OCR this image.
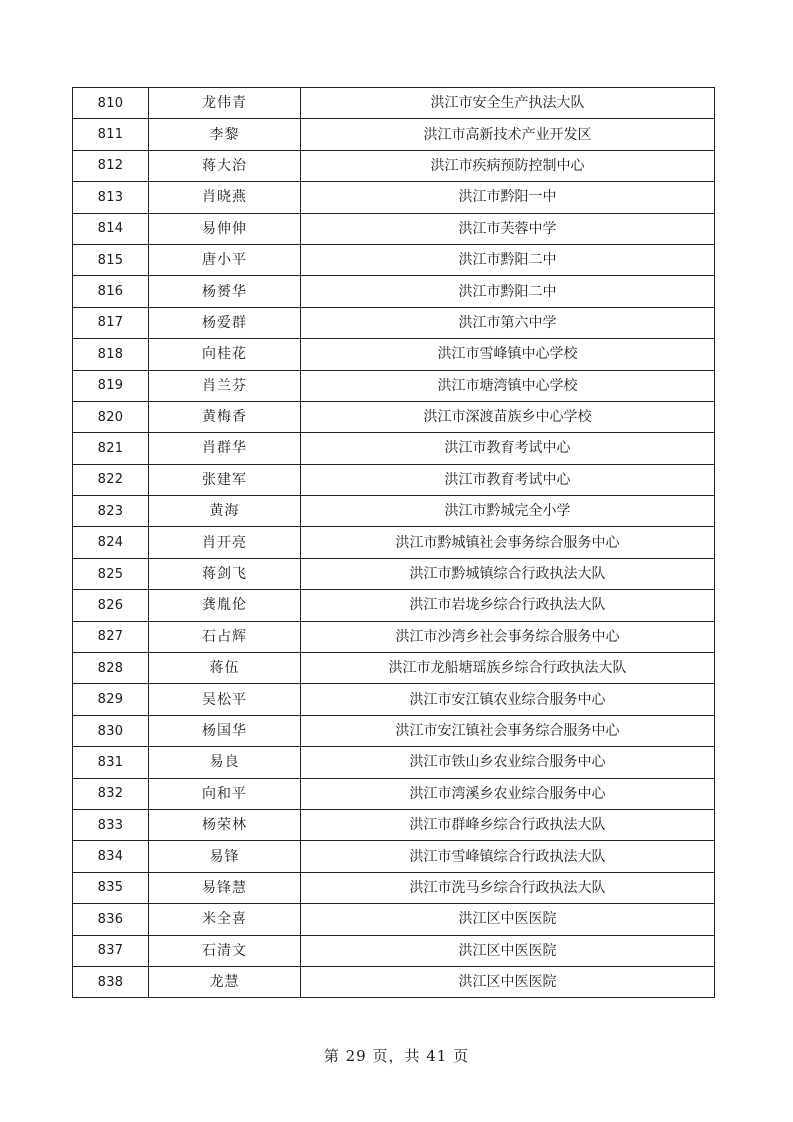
810	龙伟青	洪江市安全生产执法大队
811	李黎	洪江市高新技术产业开发区
812	蒋大治	洪江市疾病预防控制中心
813	肖晓燕	洪江市黔阳一中
814	易伸伸	洪江市芙蓉中学
815	唐小平	洪江市黔阳二中
816	杨赟华	洪江市黔阳二中
817	杨爱群	洪江市第六中学
818	向桂花	洪江市雪峰镇中心学校
819	肖兰芬	洪江市塘湾镇中心学校
820	黄梅香	洪江市深渡苗族乡中心学校
821	肖群华	洪江市教育考试中心
822	张建军	洪江市教育考试中心
823	黄海	洪江市黔城完全小学
824	肖开亮	洪江市黔城镇社会事务综合服务中心
825	蒋剑飞	洪江市黔城镇综合行政执法大队
826	龚胤伦	洪江市岩垅乡综合行政执法大队
827	石占辉	洪江市沙湾乡社会事务综合服务中心
828	蒋伍	洪江市龙船塘瑶族乡综合行政执法大队
829	吴松平	洪江市安江镇农业综合服务中心
830	杨国华	洪江市安江镇社会事务综合服务中心
831	易良	洪江市铁山乡农业综合服务中心
832	向和平	洪江市湾溪乡农业综合服务中心
833	杨荣林	洪江市群峰乡综合行政执法大队
834	易锋	洪江市雪峰镇综合行政执法大队
835	易锋慧	洪江市洗马乡综合行政执法大队
836	米全喜	洪江区中医医院
837	石清文	洪江区中医医院
838	龙慧	洪江区中医医院
第 29 页，共 41 页
